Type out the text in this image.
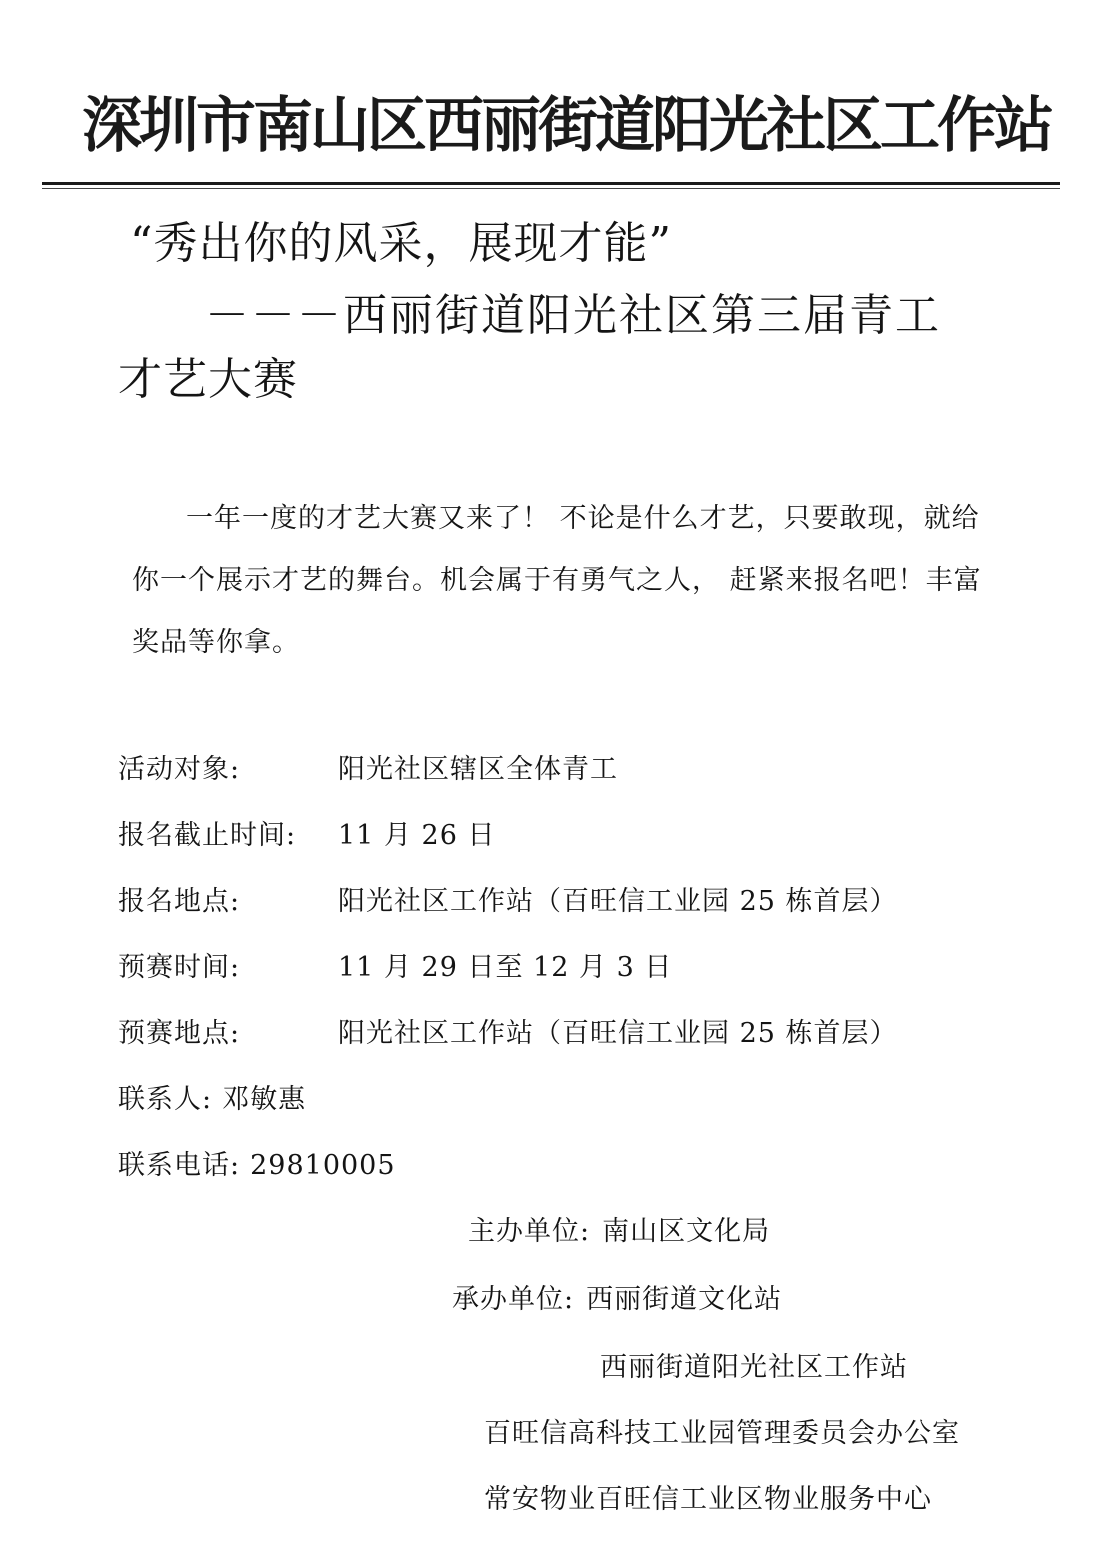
深圳市南山区西丽街道阳光社区工作站
“秀出你的风采，展现才能”
－－－西丽街道阳光社区第三届青工
才艺大赛
一年一度的才艺大赛又来了！ 不论是什么才艺，只要敢现，就给你一个展示才艺的舞台。机会属于有勇气之人， 赶紧来报名吧！丰富奖品等你拿。
活动对象:	阳光社区辖区全体青工
报名截止时间: 11 月 26 日
报名地点:	阳光社区工作站（百旺信工业园 25 栋首层）
预赛时间:	11 月 29 日至 12 月 3 日
预赛地点:	阳光社区工作站（百旺信工业园 25 栋首层）
联系人: 邓敏惠
联系电话: 29810005
主办单位: 南山区文化局
承办单位: 西丽街道文化站
西丽街道阳光社区工作站
百旺信高科技工业园管理委员会办公室
常安物业百旺信工业区物业服务中心
